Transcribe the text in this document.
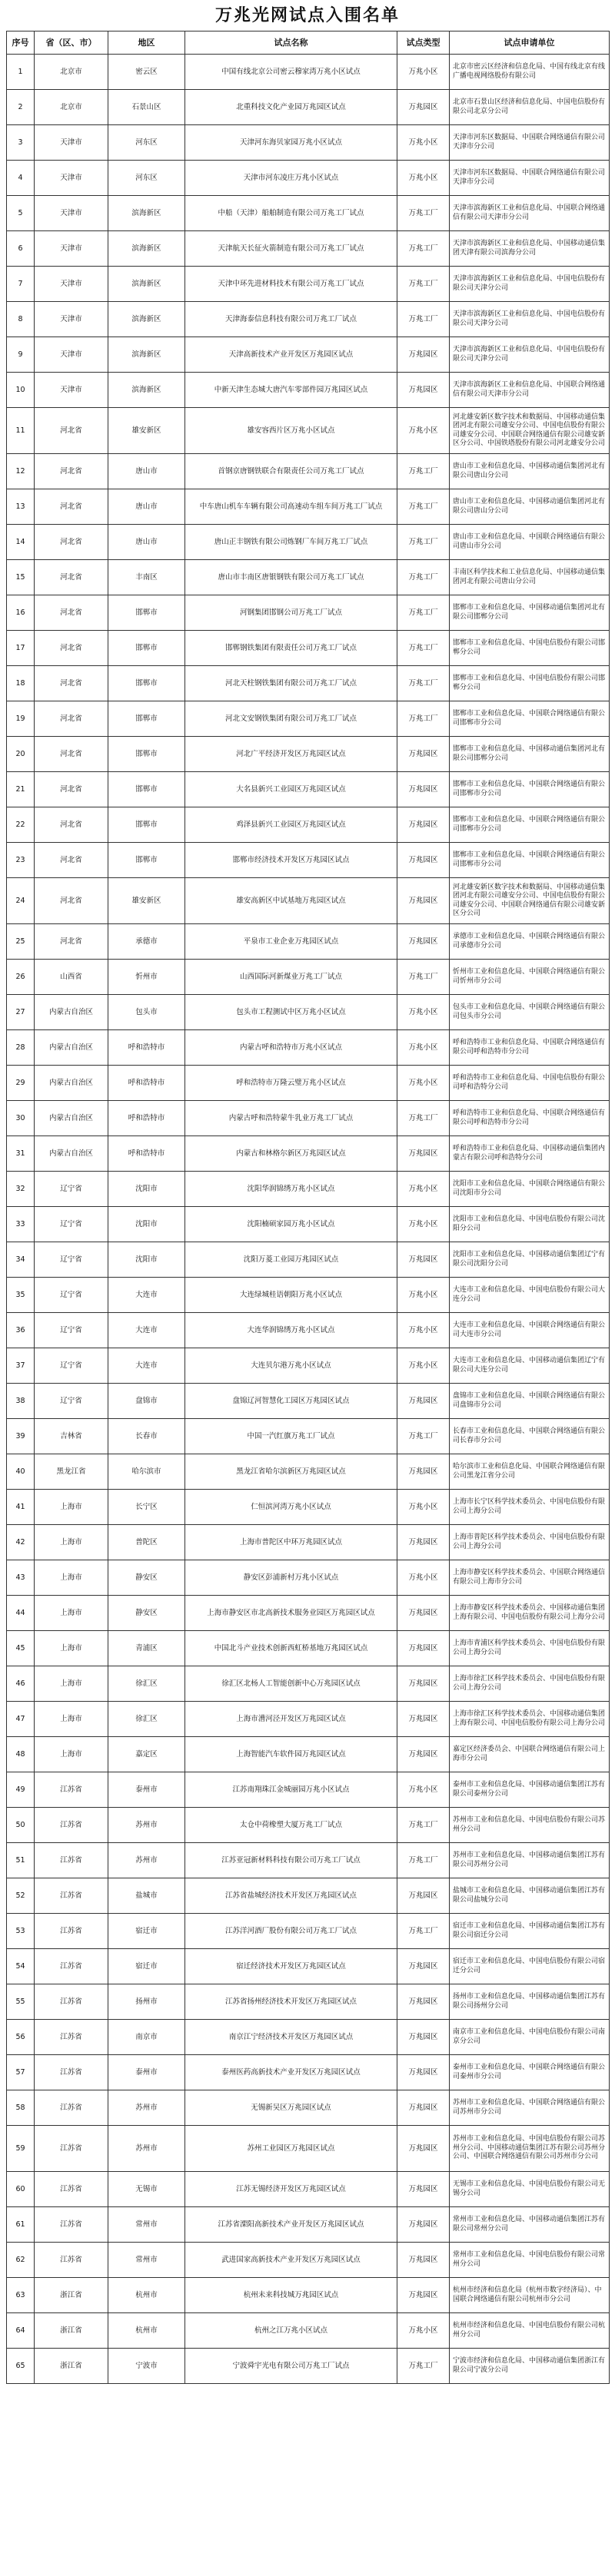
万兆光网试点入围名单
序号	省（区、市）	地区	试点名称	试点类型	试点申请单位
1	北京市	密云区	中国有线北京公司密云穆家湾万兆小区试点	万兆小区	北京市密云区经济和信息化局、中国有线北京有线广播电视网络股份有限公司
2	北京市	石景山区	北重科技文化产业园万兆园区试点	万兆园区	北京市石景山区经济和信息化局、中国电信股份有限公司北京分公司
3	天津市	河东区	天津河东海贝家园万兆小区试点	万兆小区	天津市河东区数据局、中国联合网络通信有限公司天津市分公司
4	天津市	河东区	天津市河东凌庄万兆小区试点	万兆小区	天津市河东区数据局、中国联合网络通信有限公司天津市分公司
5	天津市	滨海新区	中船（天津）船舶制造有限公司万兆工厂试点	万兆工厂	天津市滨海新区工业和信息化局、中国联合网络通信有限公司天津市分公司
6	天津市	滨海新区	天津航天长征火箭制造有限公司万兆工厂试点	万兆工厂	天津市滨海新区工业和信息化局、中国移动通信集团天津有限公司滨海分公司
7	天津市	滨海新区	天津中环先进材料技术有限公司万兆工厂试点	万兆工厂	天津市滨海新区工业和信息化局、中国电信股份有限公司天津分公司
8	天津市	滨海新区	天津海泰信息科技有限公司万兆工厂试点	万兆工厂	天津市滨海新区工业和信息化局、中国电信股份有限公司天津分公司
9	天津市	滨海新区	天津高新技术产业开发区万兆园区试点	万兆园区	天津市滨海新区工业和信息化局、中国电信股份有限公司天津分公司
10	天津市	滨海新区	中新天津生态城大唐汽车零部件园万兆园区试点	万兆园区	天津市滨海新区工业和信息化局、中国联合网络通信有限公司天津市分公司
11	河北省	雄安新区	雄安容西片区万兆小区试点	万兆小区	河北雄安新区数字技术和数据局、中国移动通信集团河北有限公司雄安分公司、中国电信股份有限公司雄安分公司、中国联合网络通信有限公司雄安新区分公司、中国铁塔股份有限公司河北雄安分公司
12	河北省	唐山市	首钢京唐钢铁联合有限责任公司万兆工厂试点	万兆工厂	唐山市工业和信息化局、中国移动通信集团河北有限公司唐山分公司
13	河北省	唐山市	中车唐山机车车辆有限公司高速动车组车间万兆工厂试点	万兆工厂	唐山市工业和信息化局、中国移动通信集团河北有限公司唐山分公司
14	河北省	唐山市	唐山正丰钢铁有限公司炼钢厂车间万兆工厂试点	万兆工厂	唐山市工业和信息化局、中国联合网络通信有限公司唐山市分公司
15	河北省	丰南区	唐山市丰南区唐银钢铁有限公司万兆工厂试点	万兆工厂	丰南区科学技术和工业信息化局、中国移动通信集团河北有限公司唐山分公司
16	河北省	邯郸市	河钢集团邯钢公司万兆工厂试点	万兆工厂	邯郸市工业和信息化局、中国移动通信集团河北有限公司邯郸分公司
17	河北省	邯郸市	邯郸钢铁集团有限责任公司万兆工厂试点	万兆工厂	邯郸市工业和信息化局、中国电信股份有限公司邯郸分公司
18	河北省	邯郸市	河北天柱钢铁集团有限公司万兆工厂试点	万兆工厂	邯郸市工业和信息化局、中国电信股份有限公司邯郸分公司
19	河北省	邯郸市	河北文安钢铁集团有限公司万兆工厂试点	万兆工厂	邯郸市工业和信息化局、中国联合网络通信有限公司邯郸市分公司
20	河北省	邯郸市	河北广平经济开发区万兆园区试点	万兆园区	邯郸市工业和信息化局、中国移动通信集团河北有限公司邯郸分公司
21	河北省	邯郸市	大名县新兴工业园区万兆园区试点	万兆园区	邯郸市工业和信息化局、中国联合网络通信有限公司邯郸市分公司
22	河北省	邯郸市	鸡泽县新兴工业园区万兆园区试点	万兆园区	邯郸市工业和信息化局、中国联合网络通信有限公司邯郸市分公司
23	河北省	邯郸市	邯郸市经济技术开发区万兆园区试点	万兆园区	邯郸市工业和信息化局、中国联合网络通信有限公司邯郸市分公司
24	河北省	雄安新区	雄安高新区中试基地万兆园区试点	万兆园区	河北雄安新区数字技术和数据局、中国移动通信集团河北有限公司雄安分公司、中国电信股份有限公司雄安分公司、中国联合网络通信有限公司雄安新区分公司
25	河北省	承德市	平泉市工业企业万兆园区试点	万兆园区	承德市工业和信息化局、中国联合网络通信有限公司承德市分公司
26	山西省	忻州市	山西国际河新煤业万兆工厂试点	万兆工厂	忻州市工业和信息化局、中国联合网络通信有限公司忻州市分公司
27	内蒙古自治区	包头市	包头市工程测试中区万兆小区试点	万兆小区	包头市工业和信息化局、中国联合网络通信有限公司包头市分公司
28	内蒙古自治区	呼和浩特市	内蒙古呼和浩特市万兆小区试点	万兆小区	呼和浩特市工业和信息化局、中国联合网络通信有限公司呼和浩特市分公司
29	内蒙古自治区	呼和浩特市	呼和浩特市万隆云璧万兆小区试点	万兆小区	呼和浩特市工业和信息化局、中国电信股份有限公司呼和浩特分公司
30	内蒙古自治区	呼和浩特市	内蒙古呼和浩特蒙牛乳业万兆工厂试点	万兆工厂	呼和浩特市工业和信息化局、中国联合网络通信有限公司呼和浩特市分公司
31	内蒙古自治区	呼和浩特市	内蒙古和林格尔新区万兆园区试点	万兆园区	呼和浩特市工业和信息化局、中国移动通信集团内蒙古有限公司呼和浩特分公司
32	辽宁省	沈阳市	沈阳华润锦绣万兆小区试点	万兆小区	沈阳市工业和信息化局、中国联合网络通信有限公司沈阳市分公司
33	辽宁省	沈阳市	沈阳楠硕家园万兆小区试点	万兆小区	沈阳市工业和信息化局、中国电信股份有限公司沈阳分公司
34	辽宁省	沈阳市	沈阳万菱工业园万兆园区试点	万兆园区	沈阳市工业和信息化局、中国移动通信集团辽宁有限公司沈阳分公司
35	辽宁省	大连市	大连绿城桂语朝阳万兆小区试点	万兆小区	大连市工业和信息化局、中国电信股份有限公司大连分公司
36	辽宁省	大连市	大连华润锦绣万兆小区试点	万兆小区	大连市工业和信息化局、中国联合网络通信有限公司大连市分公司
37	辽宁省	大连市	大连贝尔港万兆小区试点	万兆小区	大连市工业和信息化局、中国移动通信集团辽宁有限公司大连分公司
38	辽宁省	盘锦市	盘锦辽河智慧化工园区万兆园区试点	万兆园区	盘锦市工业和信息化局、中国联合网络通信有限公司盘锦市分公司
39	吉林省	长春市	中国一汽红旗万兆工厂试点	万兆工厂	长春市工业和信息化局、中国联合网络通信有限公司长春市分公司
40	黑龙江省	哈尔滨市	黑龙江省哈尔滨新区万兆园区试点	万兆园区	哈尔滨市工业和信息化局、中国联合网络通信有限公司黑龙江省分公司
41	上海市	长宁区	仁恒滨河湾万兆小区试点	万兆小区	上海市长宁区科学技术委员会、中国电信股份有限公司上海分公司
42	上海市	普陀区	上海市普陀区中环万兆园区试点	万兆园区	上海市普陀区科学技术委员会、中国电信股份有限公司上海分公司
43	上海市	静安区	静安区彭浦新村万兆小区试点	万兆小区	上海市静安区科学技术委员会、中国联合网络通信有限公司上海市分公司
44	上海市	静安区	上海市静安区市北高新技术服务业园区万兆园区试点	万兆园区	上海市静安区科学技术委员会、中国移动通信集团上海有限公司、中国电信股份有限公司上海分公司
45	上海市	青浦区	中国北斗产业技术创新西虹桥基地万兆园区试点	万兆园区	上海市青浦区科学技术委员会、中国电信股份有限公司上海分公司
46	上海市	徐汇区	徐汇区北杨人工智能创新中心万兆园区试点	万兆园区	上海市徐汇区科学技术委员会、中国电信股份有限公司上海分公司
47	上海市	徐汇区	上海市漕河泾开发区万兆园区试点	万兆园区	上海市徐汇区科学技术委员会、中国移动通信集团上海有限公司、中国电信股份有限公司上海分公司
48	上海市	嘉定区	上海智能汽车软件园万兆园区试点	万兆园区	嘉定区经济委员会、中国联合网络通信有限公司上海市分公司
49	江苏省	泰州市	江苏南翔珠江金城丽园万兆小区试点	万兆小区	泰州市工业和信息化局、中国移动通信集团江苏有限公司泰州分公司
50	江苏省	苏州市	太仓中荷橡塑大厦万兆工厂试点	万兆工厂	苏州市工业和信息化局、中国电信股份有限公司苏州分公司
51	江苏省	苏州市	江苏亚冠新材料科技有限公司万兆工厂试点	万兆工厂	苏州市工业和信息化局、中国移动通信集团江苏有限公司苏州分公司
52	江苏省	盐城市	江苏省盐城经济技术开发区万兆园区试点	万兆园区	盐城市工业和信息化局、中国移动通信集团江苏有限公司盐城分公司
53	江苏省	宿迁市	江苏洋河酒厂股份有限公司万兆工厂试点	万兆工厂	宿迁市工业和信息化局、中国移动通信集团江苏有限公司宿迁分公司
54	江苏省	宿迁市	宿迁经济技术开发区万兆园区试点	万兆园区	宿迁市工业和信息化局、中国电信股份有限公司宿迁分公司
55	江苏省	扬州市	江苏省扬州经济技术开发区万兆园区试点	万兆园区	扬州市工业和信息化局、中国移动通信集团江苏有限公司扬州分公司
56	江苏省	南京市	南京江宁经济技术开发区万兆园区试点	万兆园区	南京市工业和信息化局、中国电信股份有限公司南京分公司
57	江苏省	泰州市	泰州医药高新技术产业开发区万兆园区试点	万兆园区	泰州市工业和信息化局、中国联合网络通信有限公司泰州市分公司
58	江苏省	苏州市	无锡新吴区万兆园区试点	万兆园区	苏州市工业和信息化局、中国联合网络通信有限公司苏州市分公司
59	江苏省	苏州市	苏州工业园区万兆园区试点	万兆园区	苏州市工业和信息化局、中国电信股份有限公司苏州分公司、中国移动通信集团江苏有限公司苏州分公司、中国联合网络通信有限公司苏州市分公司
60	江苏省	无锡市	江苏无锡经济开发区万兆园区试点	万兆园区	无锡市工业和信息化局、中国电信股份有限公司无锡分公司
61	江苏省	常州市	江苏省溧阳高新技术产业开发区万兆园区试点	万兆园区	常州市工业和信息化局、中国移动通信集团江苏有限公司常州分公司
62	江苏省	常州市	武进国家高新技术产业开发区万兆园区试点	万兆园区	常州市工业和信息化局、中国电信股份有限公司常州分公司
63	浙江省	杭州市	杭州未来科技城万兆园区试点	万兆园区	杭州市经济和信息化局（杭州市数字经济局）、中国联合网络通信有限公司杭州市分公司
64	浙江省	杭州市	杭州之江万兆小区试点	万兆小区	杭州市经济和信息化局、中国电信股份有限公司杭州分公司
65	浙江省	宁波市	宁波舜宇光电有限公司万兆工厂试点	万兆工厂	宁波市经济和信息化局、中国移动通信集团浙江有限公司宁波分公司
